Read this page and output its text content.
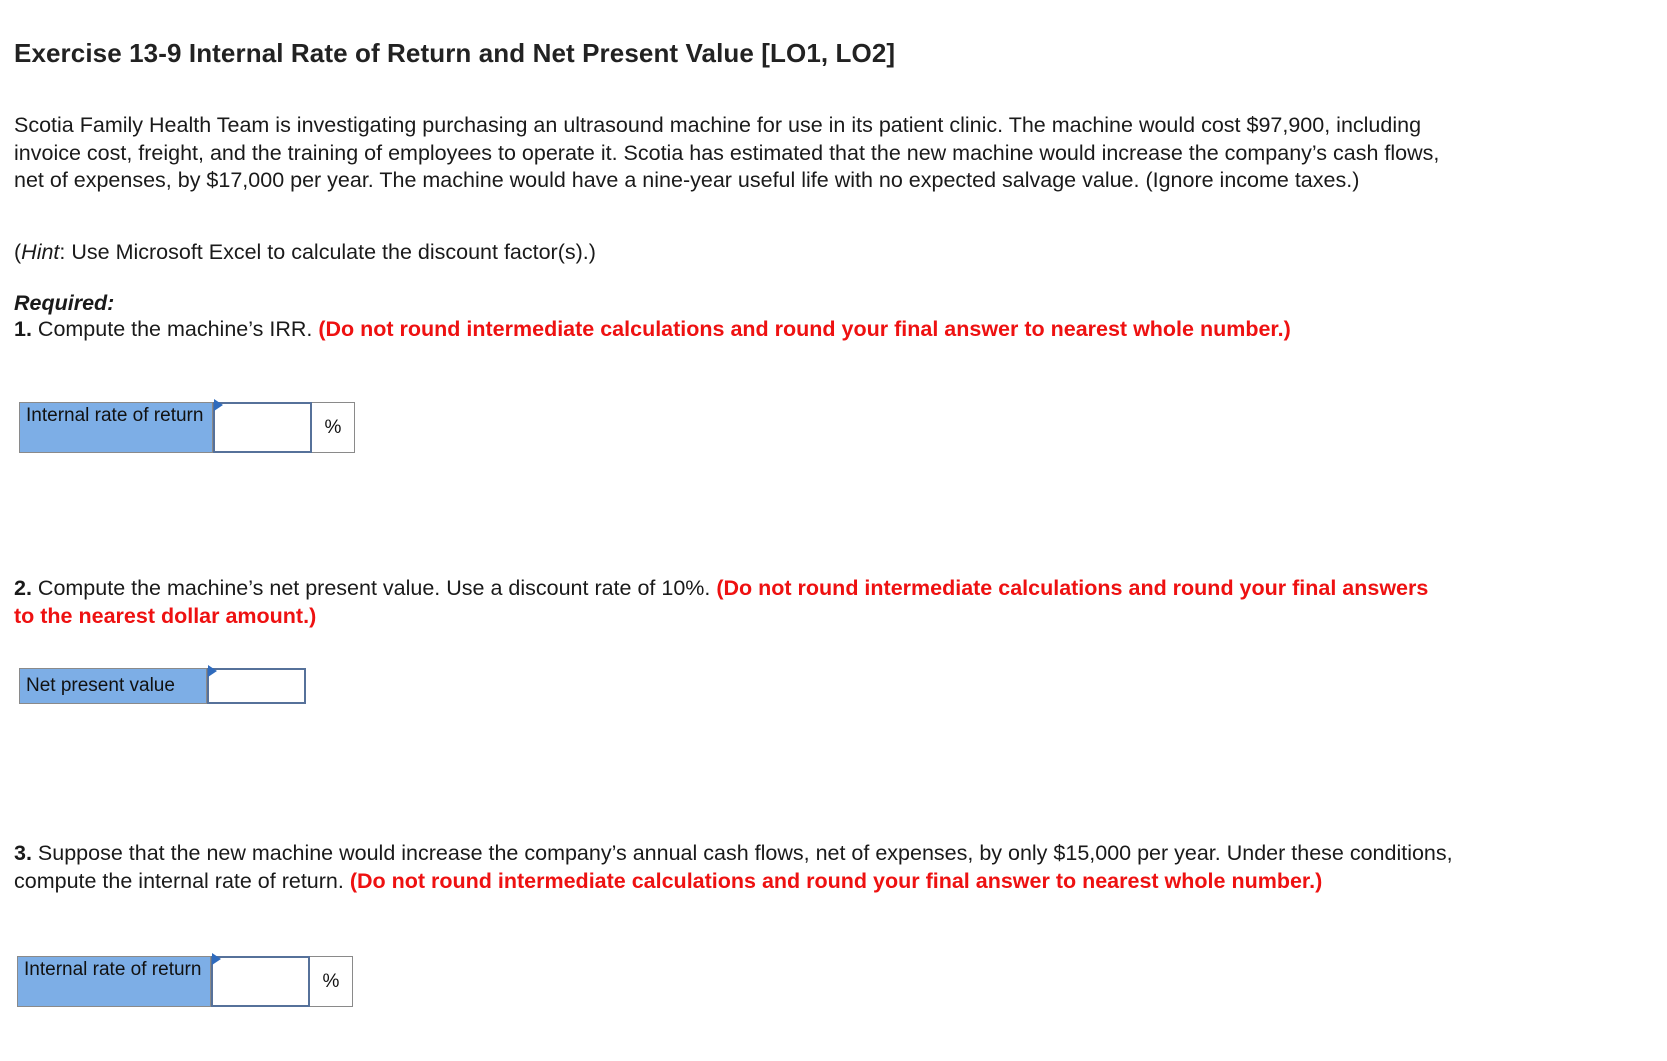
Exercise 13-9 Internal Rate of Return and Net Present Value [LO1, LO2]
Scotia Family Health Team is investigating purchasing an ultrasound machine for use in its patient clinic. The machine would cost $97,900, including invoice cost, freight, and the training of employees to operate it. Scotia has estimated that the new machine would increase the company’s cash flows, net of expenses, by $17,000 per year. The machine would have a nine-year useful life with no expected salvage value. (Ignore income taxes.)
(Hint: Use Microsoft Excel to calculate the discount factor(s).)
Required:
1. Compute the machine’s IRR. (Do not round intermediate calculations and round your final answer to nearest whole number.)
Internal rate of return
%
2. Compute the machine’s net present value. Use a discount rate of 10%. (Do not round intermediate calculations and round your final answers to the nearest dollar amount.)
Net present value
3. Suppose that the new machine would increase the company’s annual cash flows, net of expenses, by only $15,000 per year. Under these conditions, compute the internal rate of return. (Do not round intermediate calculations and round your final answer to nearest whole number.)
Internal rate of return
%
